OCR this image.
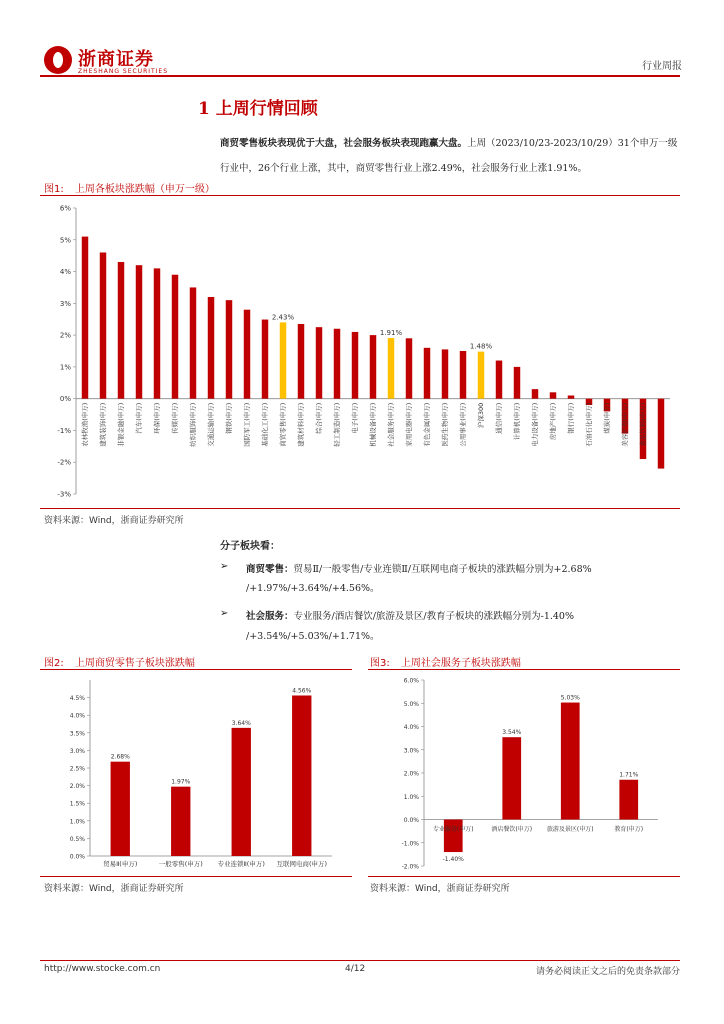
浙商证券
ZHESHANG SECURITIES	行业周报
1 上周行情回顾
商贸零售板块表现优于大盘，社会服务板块表现跑赢大盘。上周（2023/10/23-2023/10/29）31个申万一级行业中，26个行业上涨，其中，商贸零售行业上涨2.49%，社会服务行业上涨1.91%。
图1: 上周各板块涨跌幅（申万一级）
6%
5%
4%
3%
2%
1%
0%
-1%
-2%
-3%
农林牧渔(申万) 建筑装饰(申万) 非银金融(申万) 汽车(申万) 环保(申万) 传媒(申万) 纺织服饰(申万) 交通运输(申万) 钢铁(申万) 国防军工(申万) 基础化工(申万) 商贸零售(申万)
2.43%
建筑材料(申万) 综合(申万) 轻工制造(申万) 电子(申万) 机械设备(申万) 社会服务(申万)
1.91%
家用电器(申万) 有色金属(申万) 医药生物(申万) 公用事业(申万) 沪深300
1.48%
通信(申万) 计算机(申万) 电力设备(申万) 房地产(申万) 银行(申万) 石油石化(申万) 煤炭(申万) 美容护理(申万) 食品饮料(申万)
资料来源：Wind，浙商证券研究所
分子板块看：
➢ 商贸零售：贸易Ⅱ/一般零售/专业连锁Ⅱ/互联网电商子板块的涨跌幅分别为+2.68%
/+1.97%/+3.64%/+4.56%。
➢ 社会服务：专业服务/酒店餐饮/旅游及景区/教育子板块的涨跌幅分别为-1.40%
/+3.54%/+5.03%/+1.71%。
图2: 上周商贸零售子板块涨跌幅
4.5%
4.0%
3.5%
3.0%
2.5%
2.0%
1.5%
1.0%
0.5%
0.0%
贸易Ⅱ(申万)
2.68%
一般零售(申万)
1.97%
专业连锁Ⅱ(申万)
3.64%
互联网电商(申万)
4.56%
资料来源：Wind，浙商证券研究所
图3: 上周社会服务子板块涨跌幅
6.0%
5.0%
4.0%
3.0%
2.0%
1.0%
0.0%
-1.0%
-2.0%
专业服务(申万)
-1.40%
酒店餐饮(申万)
3.54%
旅游及景区(申万)
5.03%
教育(申万)
1.71%
资料来源：Wind，浙商证券研究所
http://www.stocke.com.cn	4/12	请务必阅读正文之后的免责条款部分
